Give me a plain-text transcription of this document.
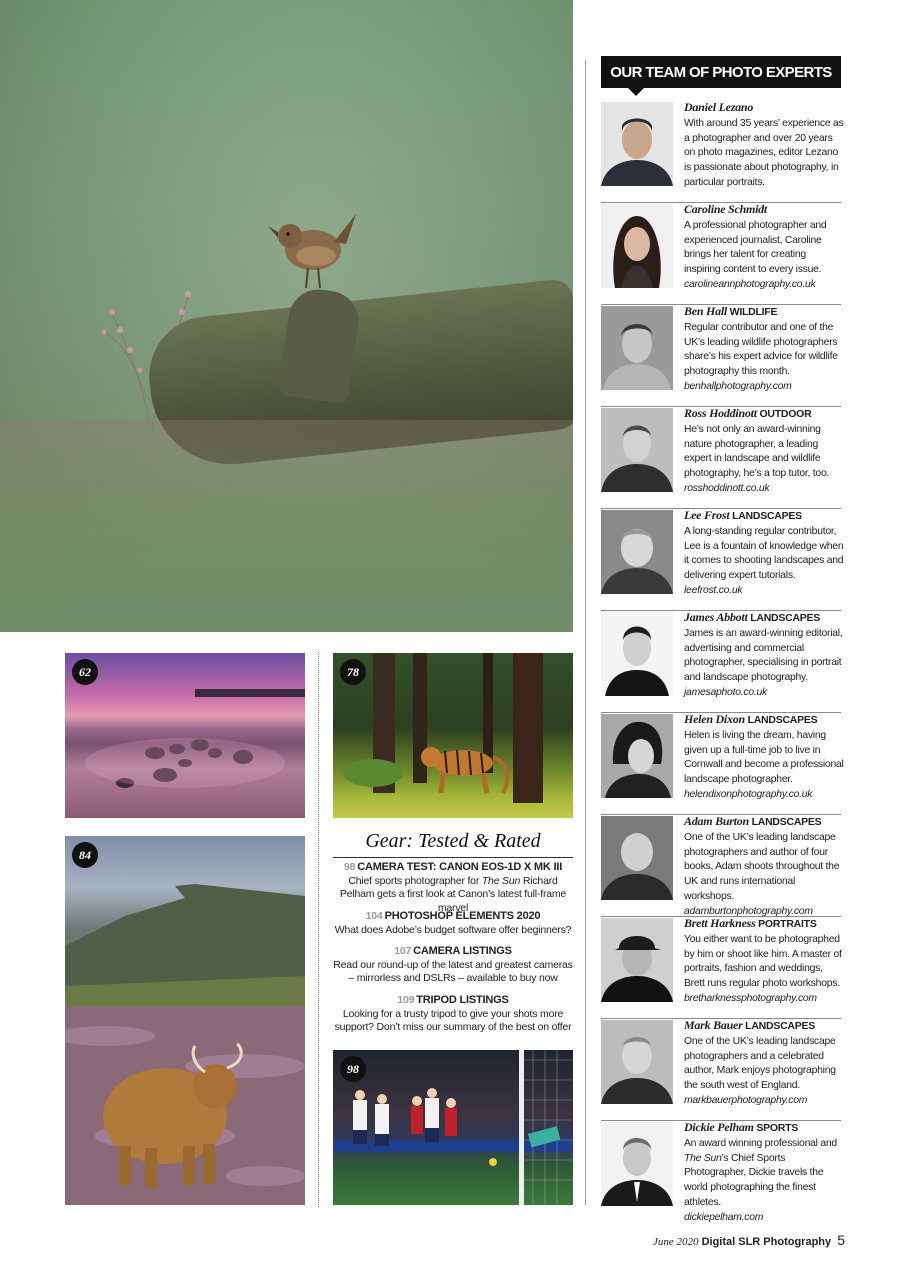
62	78
84
98
Gear: Tested & Rated
98 CAMERA TEST: CANON EOS-1D X MK III
Chief sports photographer for The Sun Richard Pelham gets a first look at Canon’s latest full-frame marvel
104 PHOTOSHOP ELEMENTS 2020
What does Adobe’s budget software offer beginners?
107 CAMERA LISTINGS
Read our round-up of the latest and greatest cameras – mirrorless and DSLRs – available to buy now
109 TRIPOD LISTINGS
Looking for a trusty tripod to give your shots more support? Don’t miss our summary of the best on offer
OUR TEAM OF PHOTO EXPERTS
Daniel Lezano
With around 35 years’ experience as a photographer and over 20 years on photo magazines, editor Lezano is passionate about photography, in particular portraits.
Caroline Schmidt
A professional photographer and experienced journalist, Caroline brings her talent for creating inspiring content to every issue.
carolineannphotography.co.uk
Ben Hall WILDLIFE
Regular contributor and one of the UK’s leading wildlife photographers share’s his expert advice for wildlife photography this month.
benhallphotography.com
Ross Hoddinott OUTDOOR
He’s not only an award-winning nature photographer, a leading expert in landscape and wildlife photography, he’s a top tutor, too.
rosshoddinott.co.uk
Lee Frost LANDSCAPES
A long-standing regular contributor, Lee is a fountain of knowledge when it comes to shooting landscapes and delivering expert tutorials.
leefrost.co.uk
James Abbott LANDSCAPES
James is an award-winning editorial, advertising and commercial photographer, specialising in portrait and landscape photography.
jamesaphoto.co.uk
Helen Dixon LANDSCAPES
Helen is living the dream, having given up a full-time job to live in Cornwall and become a professional landscape photographer.
helendixonphotography.co.uk
Adam Burton LANDSCAPES
One of the UK’s leading landscape photographers and author of four books, Adam shoots throughout the UK and runs international workshops.
adamburtonphotography.com
Brett Harkness PORTRAITS
You either want to be photographed by him or shoot like him. A master of portraits, fashion and weddings, Brett runs regular photo workshops.
bretharknessphotography.com
Mark Bauer LANDSCAPES
One of the UK’s leading landscape photographers and a celebrated author, Mark enjoys photographing the south west of England.
markbauerphotography.com
Dickie Pelham SPORTS
An award winning professional and The Sun’s Chief Sports Photographer, Dickie travels the world photographing the finest athletes.
dickiepelham.com
June 2020 Digital SLR Photography 5
